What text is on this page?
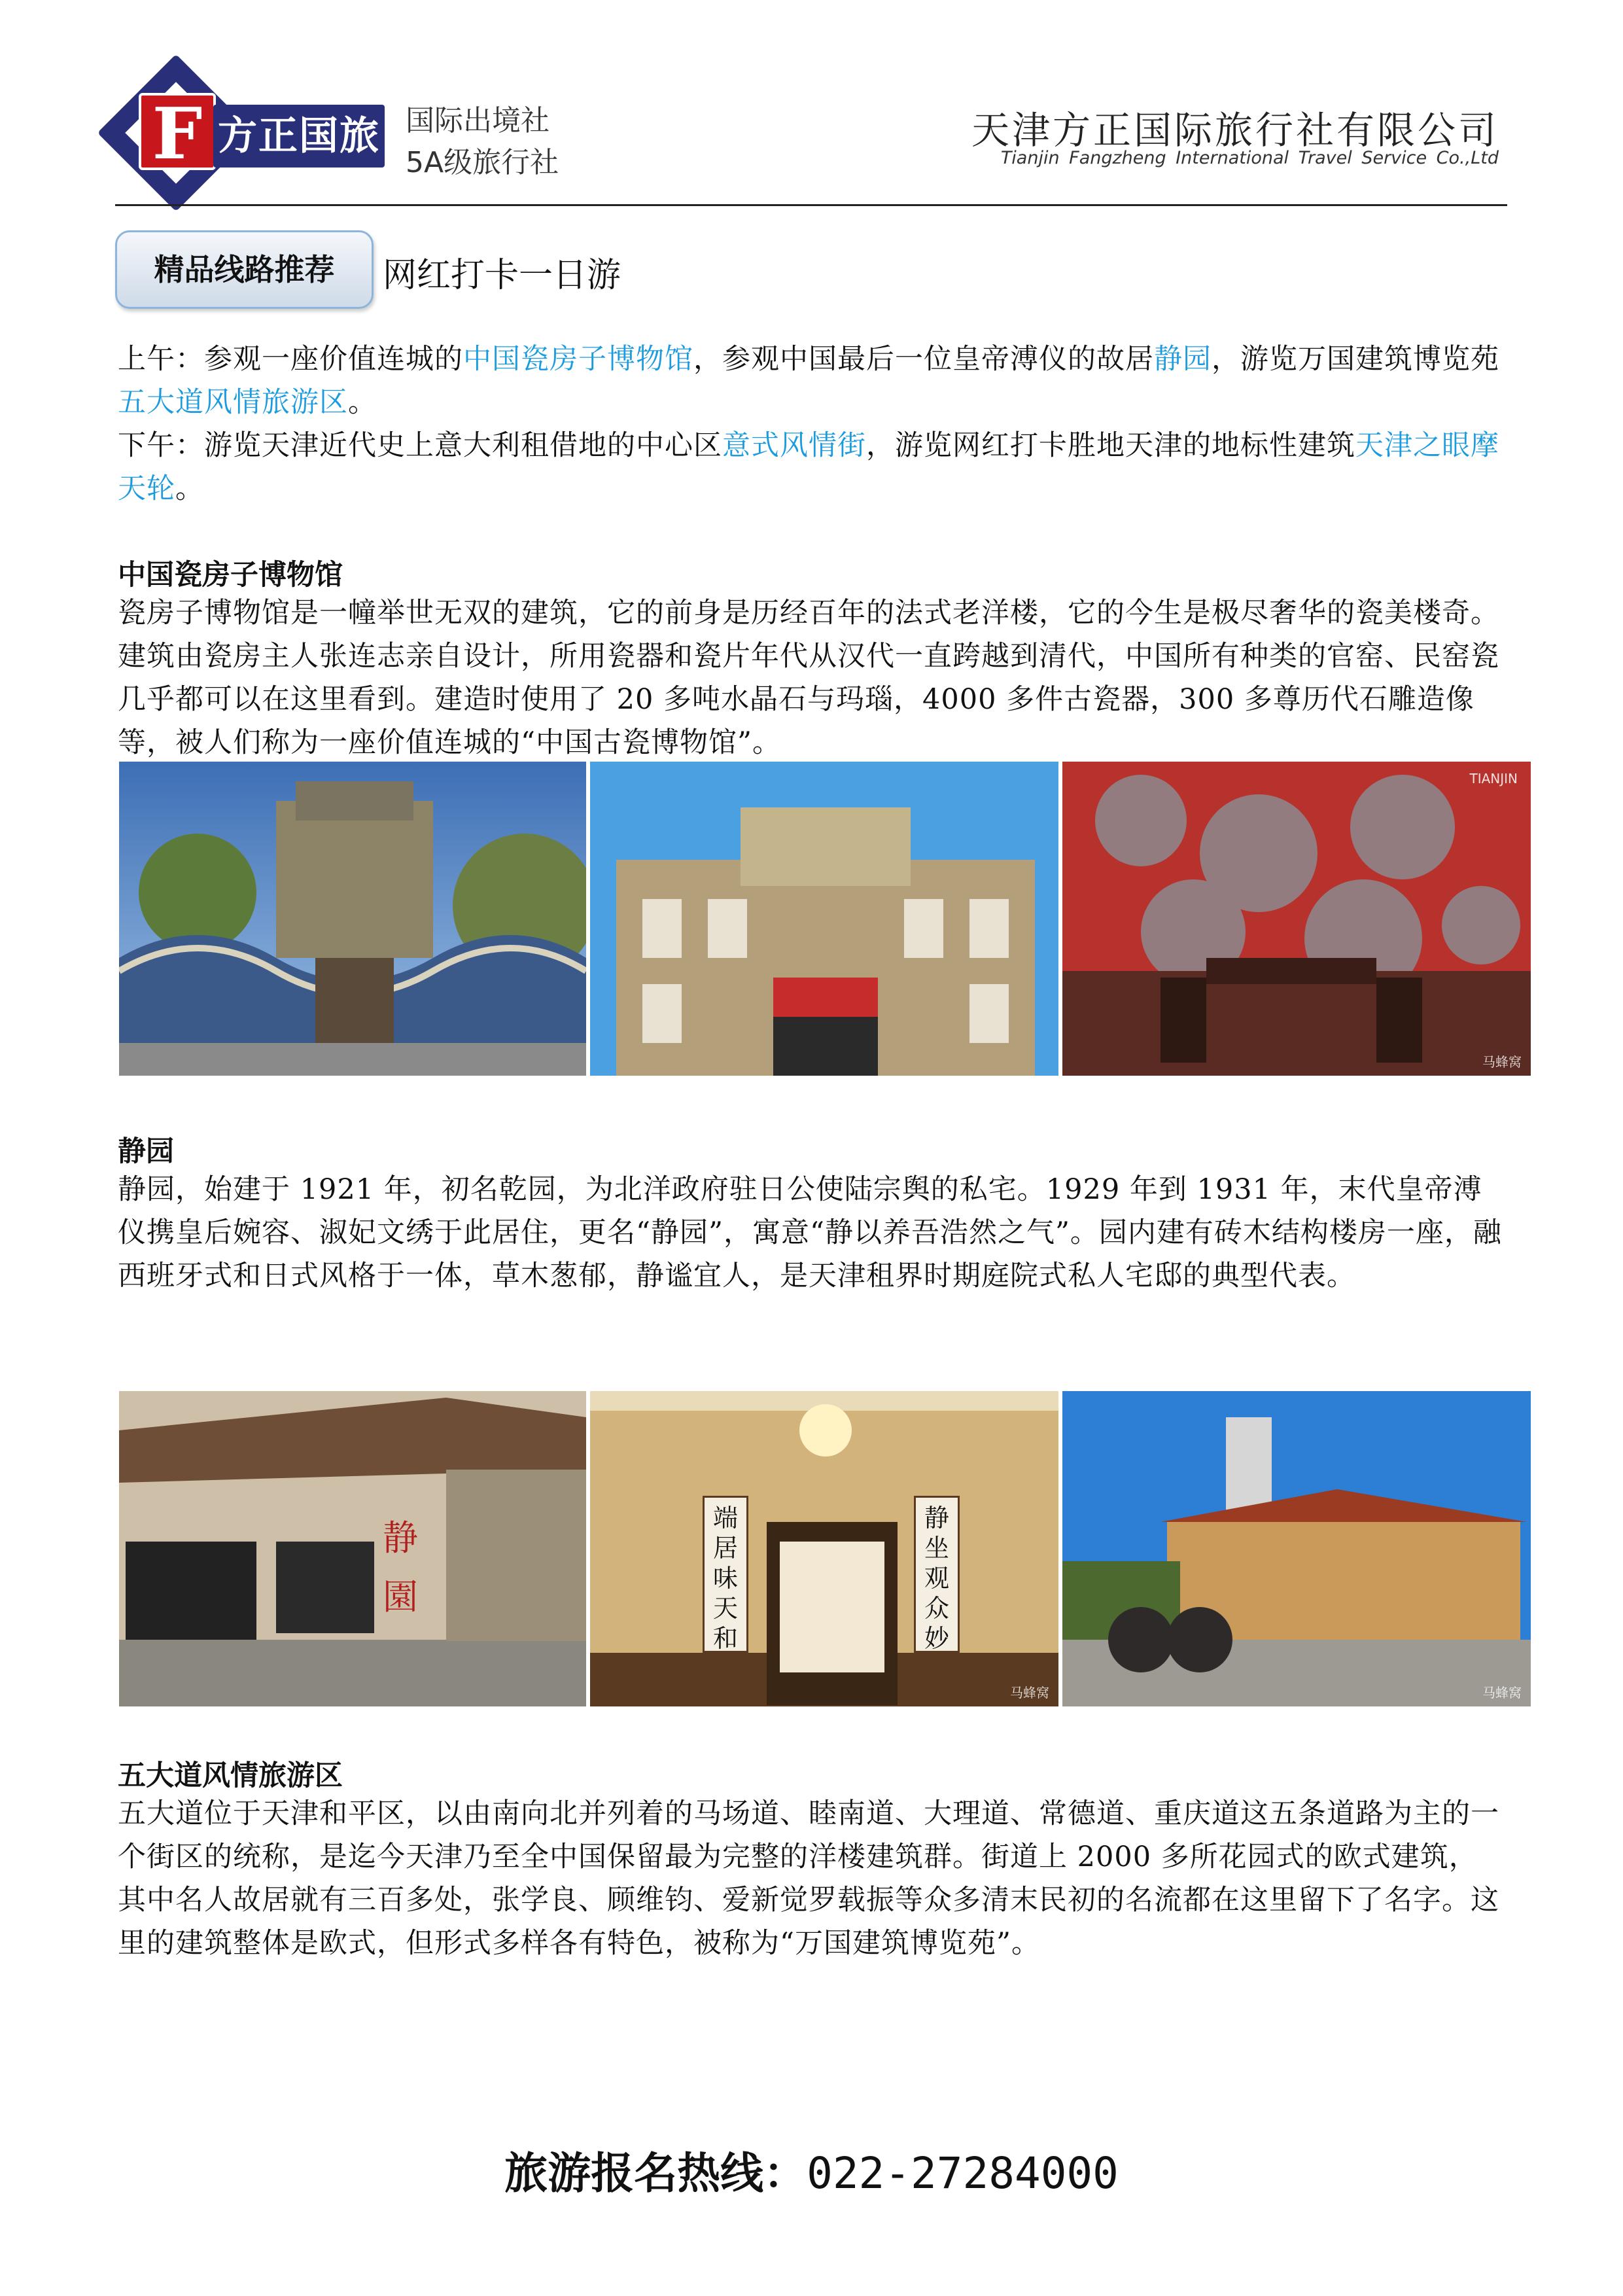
F 方正国旅 国际出境社
5A级旅行社
天津方正国际旅行社有限公司
Tianjin Fangzheng International Travel Service Co.,Ltd
精品线路推荐	网红打卡一日游
上午：参观一座价值连城的中国瓷房子博物馆，参观中国最后一位皇帝溥仪的故居静园，游览万国建筑博览苑五大道风情旅游区。
下午：游览天津近代史上意大利租借地的中心区意式风情街，游览网红打卡胜地天津的地标性建筑天津之眼摩天轮。
中国瓷房子博物馆
瓷房子博物馆是一幢举世无双的建筑，它的前身是历经百年的法式老洋楼，它的今生是极尽奢华的瓷美楼奇。 建筑由瓷房主人张连志亲自设计，所用瓷器和瓷片年代从汉代一直跨越到清代，中国所有种类的官窑、民窑瓷几乎都可以在这里看到。建造时使用了 20 多吨水晶石与玛瑙，4000 多件古瓷器，300 多尊历代石雕造像等，被人们称为一座价值连城的“中国古瓷博物馆”。
TIANJIN
马蜂窝
静园
静园，始建于 1921 年，初名乾园，为北洋政府驻日公使陆宗舆的私宅。1929 年到 1931 年，末代皇帝溥仪携皇后婉容、淑妃文绣于此居住，更名“静园”，寓意“静以养吾浩然之气”。园内建有砖木结构楼房一座，融西班牙式和日式风格于一体，草木葱郁，静谧宜人，是天津租界时期庭院式私人宅邸的典型代表。
静園
端居味天和
静坐观众妙
马蜂窝	马蜂窝
五大道风情旅游区
五大道位于天津和平区，以由南向北并列着的马场道、睦南道、大理道、常德道、重庆道这五条道路为主的一个街区的统称，是迄今天津乃至全中国保留最为完整的洋楼建筑群。街道上 2000 多所花园式的欧式建筑，其中名人故居就有三百多处，张学良、顾维钧、爱新觉罗载振等众多清末民初的名流都在这里留下了名字。这里的建筑整体是欧式，但形式多样各有特色，被称为“万国建筑博览苑”。
旅游报名热线：022-27284000
